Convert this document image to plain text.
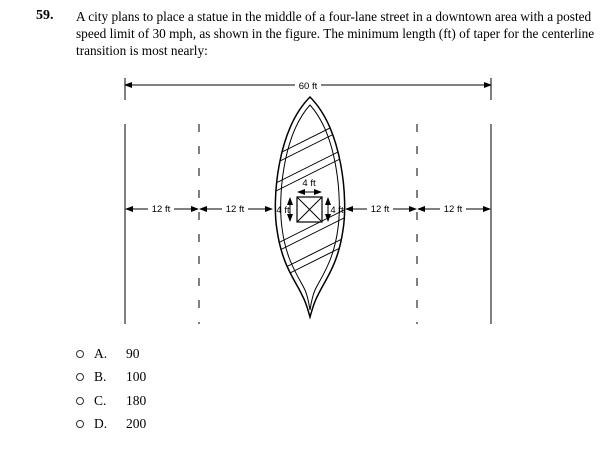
59. A city plans to place a statue in the middle of a four-lane street in a downtown area with a posted speed limit of 30 mph, as shown in the figure. The minimum length (ft) of taper for the centerline transition is most nearly:
60 ft
4 ft
4 ft	4 ft
12 ft	12 ft	12 ft	12 ft
A.	90
B.	100
C.	180
D.	200
